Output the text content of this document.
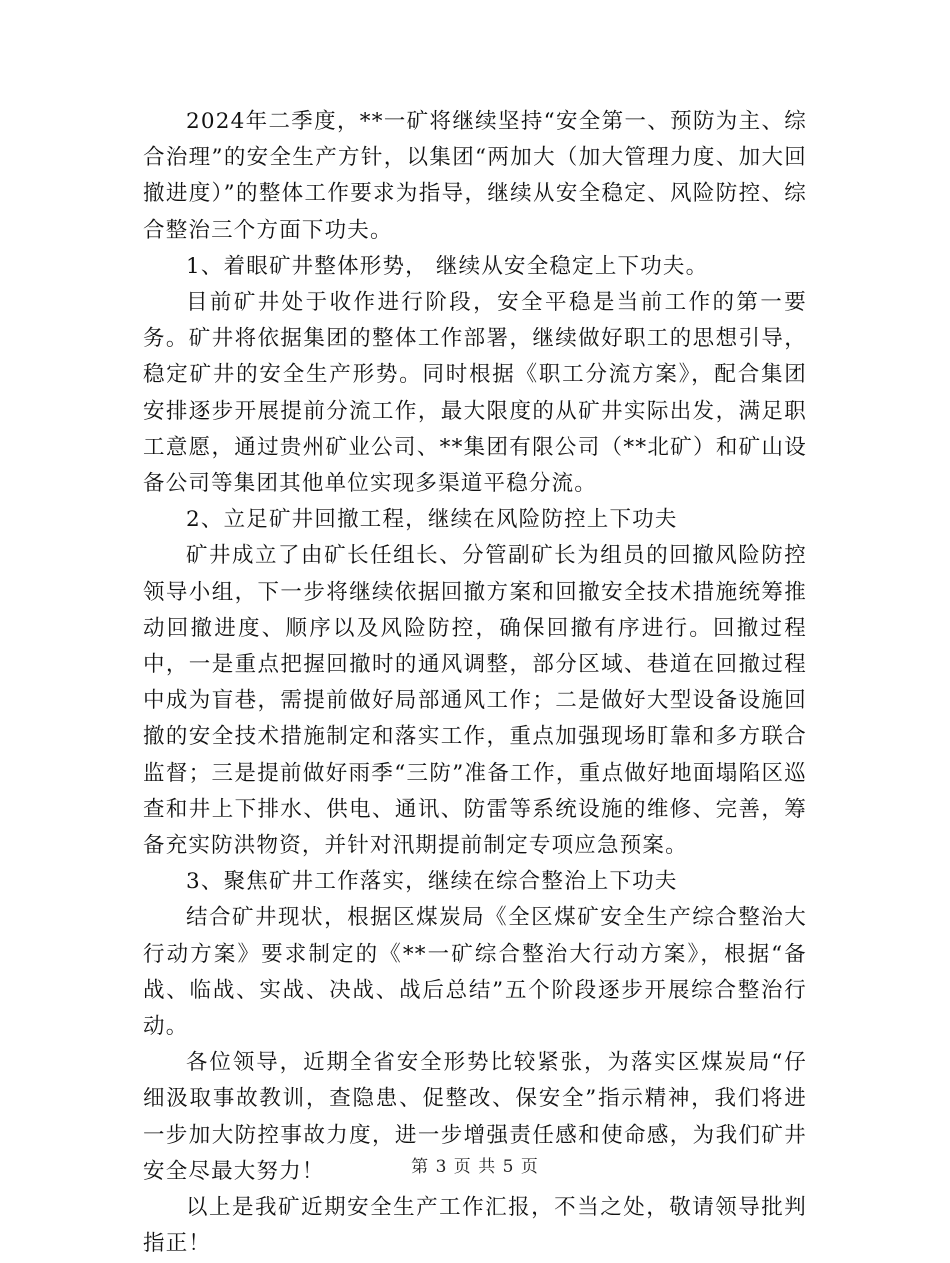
2024年二季度，**一矿将继续坚持“安全第一、预防为主、综合治理”的安全生产方针，以集团“两加大（加大管理力度、加大回撤进度）”的整体工作要求为指导，继续从安全稳定、风险防控、综合整治三个方面下功夫。

1、着眼矿井整体形势， 继续从安全稳定上下功夫。

目前矿井处于收作进行阶段，安全平稳是当前工作的第一要务。矿井将依据集团的整体工作部署，继续做好职工的思想引导，稳定矿井的安全生产形势。同时根据《职工分流方案》，配合集团安排逐步开展提前分流工作，最大限度的从矿井实际出发，满足职工意愿，通过贵州矿业公司、**集团有限公司（**北矿）和矿山设备公司等集团其他单位实现多渠道平稳分流。

2、立足矿井回撤工程，继续在风险防控上下功夫

矿井成立了由矿长任组长、分管副矿长为组员的回撤风险防控领导小组，下一步将继续依据回撤方案和回撤安全技术措施统筹推动回撤进度、顺序以及风险防控，确保回撤有序进行。回撤过程中，一是重点把握回撤时的通风调整，部分区域、巷道在回撤过程中成为盲巷，需提前做好局部通风工作；二是做好大型设备设施回撤的安全技术措施制定和落实工作，重点加强现场盯靠和多方联合监督；三是提前做好雨季“三防”准备工作，重点做好地面塌陷区巡查和井上下排水、供电、通讯、防雷等系统设施的维修、完善，筹备充实防洪物资，并针对汛期提前制定专项应急预案。

3、聚焦矿井工作落实，继续在综合整治上下功夫

结合矿井现状，根据区煤炭局《全区煤矿安全生产综合整治大行动方案》要求制定的《**一矿综合整治大行动方案》，根据“备战、临战、实战、决战、战后总结”五个阶段逐步开展综合整治行动。

各位领导，近期全省安全形势比较紧张，为落实区煤炭局“仔细汲取事故教训，查隐患、促整改、保安全”指示精神，我们将进一步加大防控事故力度，进一步增强责任感和使命感，为我们矿井安全尽最大努力！

以上是我矿近期安全生产工作汇报，不当之处，敬请领导批判指正！

第 3 页 共 5 页
